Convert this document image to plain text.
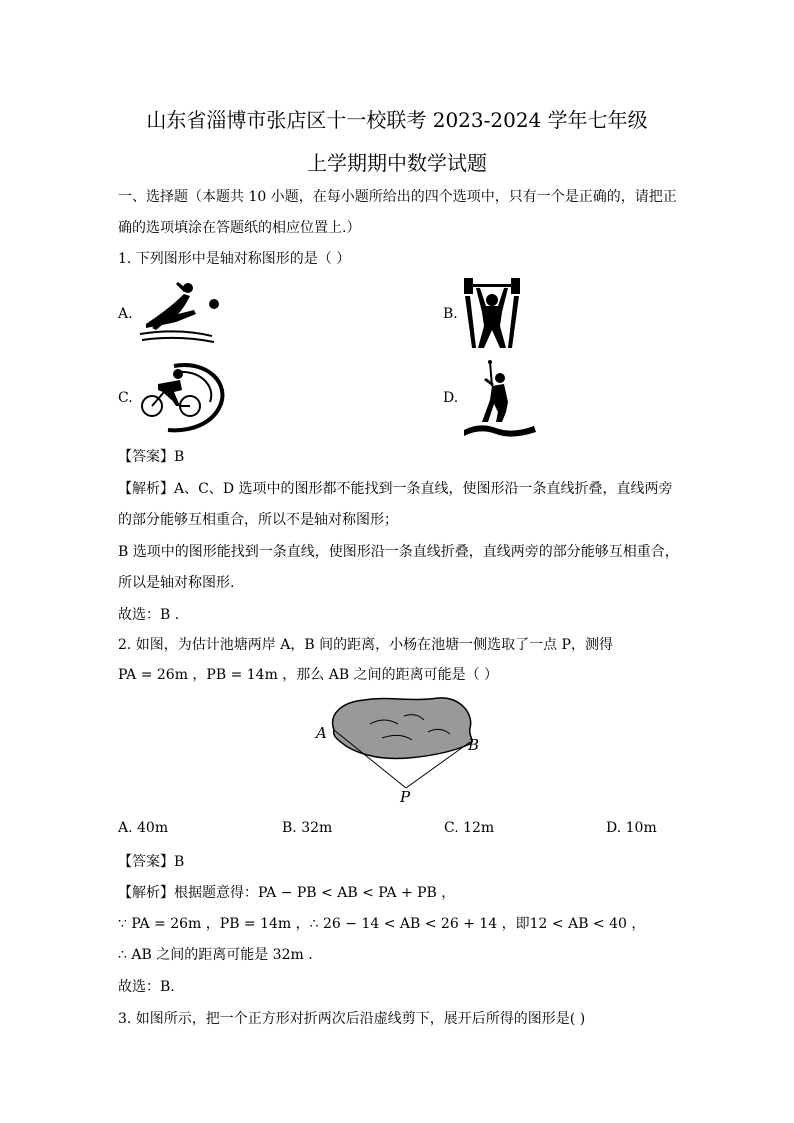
山东省淄博市张店区十一校联考 2023-2024 学年七年级
上学期期中数学试题
一、选择题（本题共 10 小题，在每小题所给出的四个选项中，只有一个是正确的，请把正
确的选项填涂在答题纸的相应位置上.）
1. 下列图形中是轴对称图形的是（ ）
A.	B.
C.	D.
【答案】B
【解析】A、C、D 选项中的图形都不能找到一条直线，使图形沿一条直线折叠，直线两旁
的部分能够互相重合，所以不是轴对称图形；
B 选项中的图形能找到一条直线，使图形沿一条直线折叠，直线两旁的部分能够互相重合，
所以是轴对称图形.
故选：B .
2. 如图，为估计池塘两岸 A，B 间的距离，小杨在池塘一侧选取了一点 P，测得
PA = 26m ，PB = 14m ，那么 AB 之间的距离可能是（ ）
A
B
P
A. 40m	B. 32m	C. 12m	D. 10m
【答案】B
【解析】根据题意得：PA − PB < AB < PA + PB ，
∵ PA = 26m ，PB = 14m ，∴ 26 − 14 < AB < 26 + 14 ，即12 < AB < 40 ，
∴ AB 之间的距离可能是 32m .
故选：B.
3. 如图所示，把一个正方形对折两次后沿虚线剪下，展开后所得的图形是( )
